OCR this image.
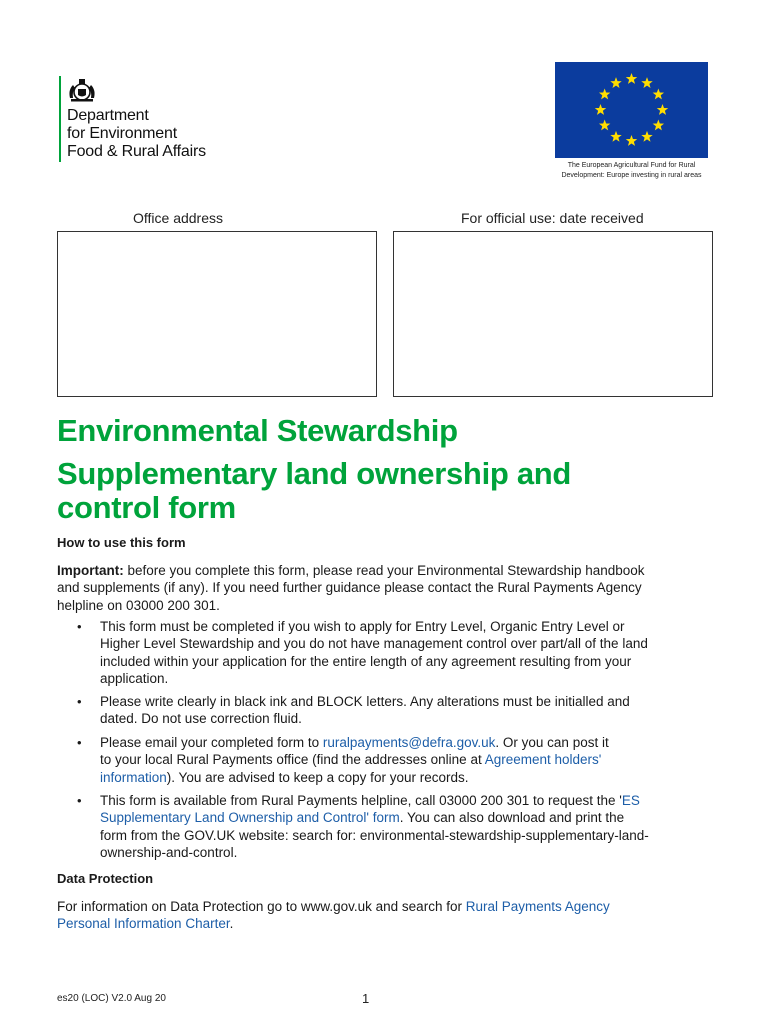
Department
for Environment
Food & Rural Affairs
The European Agricultural Fund for Rural
Development: Europe investing in rural areas
Office address	For official use: date received
Environmental Stewardship
Supplementary land ownership and
control form
How to use this form
Important: before you complete this form, please read your Environmental Stewardship handbook
and supplements (if any). If you need further guidance please contact the Rural Payments Agency
helpline on 03000 200 301.
• This form must be completed if you wish to apply for Entry Level, Organic Entry Level or
Higher Level Stewardship and you do not have management control over part/all of the land
included within your application for the entire length of any agreement resulting from your
application.
• Please write clearly in black ink and BLOCK letters. Any alterations must be initialled and
dated. Do not use correction fluid.
• Please email your completed form to ruralpayments@defra.gov.uk. Or you can post it
to your local Rural Payments office (find the addresses online at Agreement holders'
information). You are advised to keep a copy for your records.
• This form is available from Rural Payments helpline, call 03000 200 301 to request the 'ES
Supplementary Land Ownership and Control' form. You can also download and print the
form from the GOV.UK website: search for: environmental-stewardship-supplementary-land-
ownership-and-control.
Data Protection
For information on Data Protection go to www.gov.uk and search for Rural Payments Agency
Personal Information Charter.
es20 (LOC) V2.0 Aug 20	1
